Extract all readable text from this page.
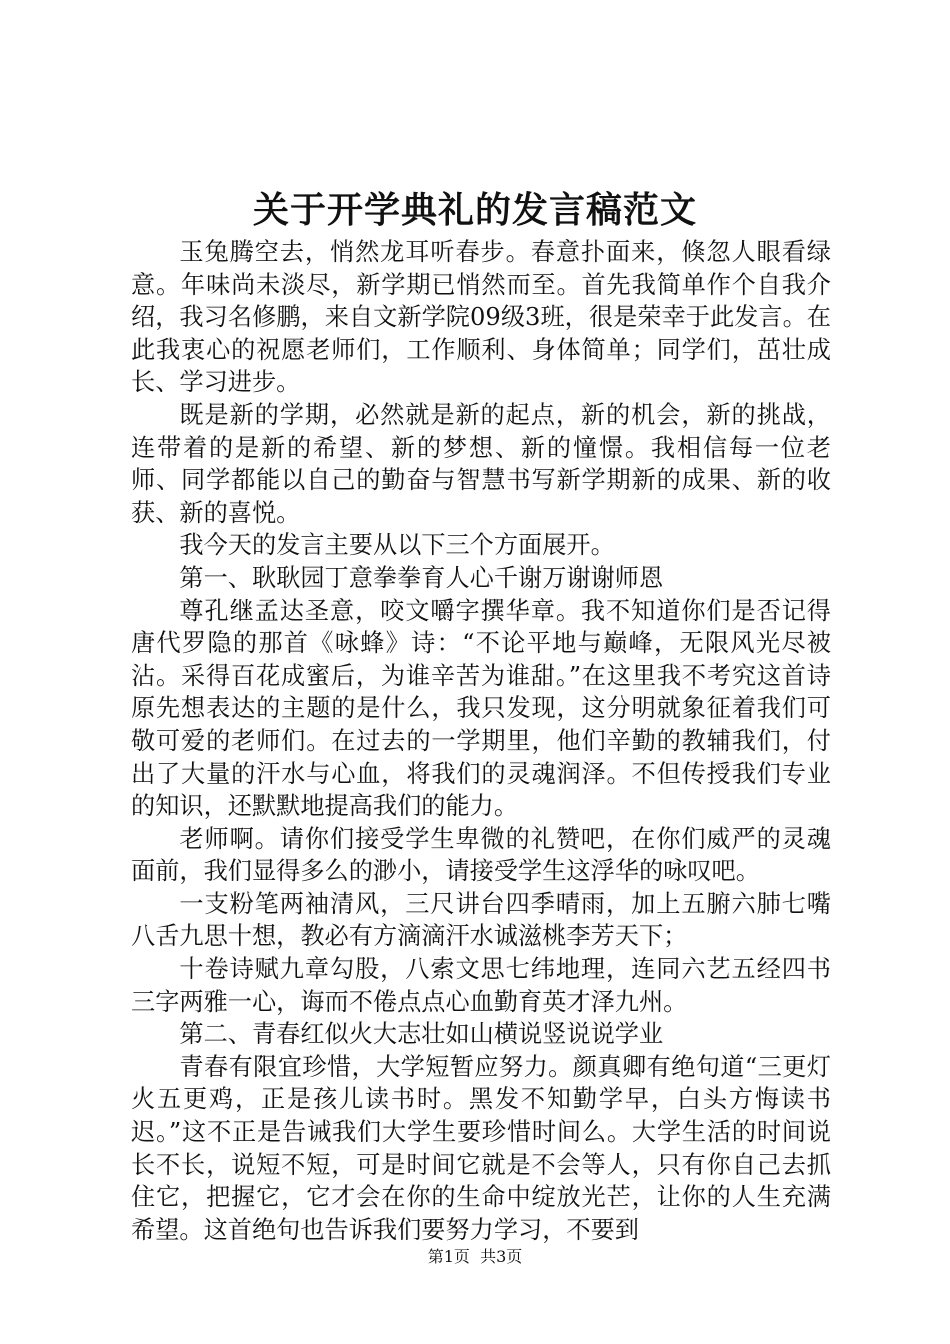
关于开学典礼的发言稿范文

玉兔腾空去，悄然龙耳听春步。春意扑面来，倏忽人眼看绿意。年味尚未淡尽，新学期已悄然而至。首先我简单作个自我介绍，我习名修鹏，来自文新学院09级3班，很是荣幸于此发言。在此我衷心的祝愿老师们，工作顺利、身体简单；同学们，茁壮成长、学习进步。

既是新的学期，必然就是新的起点，新的机会，新的挑战，连带着的是新的希望、新的梦想、新的憧憬。我相信每一位老师、同学都能以自己的勤奋与智慧书写新学期新的成果、新的收获、新的喜悦。

我今天的发言主要从以下三个方面展开。

第一、耿耿园丁意拳拳育人心千谢万谢谢师恩

尊孔继孟达圣意，咬文嚼字撰华章。我不知道你们是否记得唐代罗隐的那首《咏蜂》诗：“不论平地与巅峰，无限风光尽被沾。采得百花成蜜后，为谁辛苦为谁甜。”在这里我不考究这首诗原先想表达的主题的是什么，我只发现，这分明就象征着我们可敬可爱的老师们。在过去的一学期里，他们辛勤的教辅我们，付出了大量的汗水与心血，将我们的灵魂润泽。不但传授我们专业的知识，还默默地提高我们的能力。

老师啊。请你们接受学生卑微的礼赞吧，在你们威严的灵魂面前，我们显得多么的渺小，请接受学生这浮华的咏叹吧。

一支粉笔两袖清风，三尺讲台四季晴雨，加上五腑六肺七嘴八舌九思十想，教必有方滴滴汗水诚滋桃李芳天下；

十卷诗赋九章勾股，八索文思七纬地理，连同六艺五经四书三字两雅一心，诲而不倦点点心血勤育英才泽九州。

第二、青春红似火大志壮如山横说竖说说学业

青春有限宜珍惜，大学短暂应努力。颜真卿有绝句道“三更灯火五更鸡，正是孩儿读书时。黑发不知勤学早，白头方悔读书迟。”这不正是告诫我们大学生要珍惜时间么。大学生活的时间说长不长，说短不短，可是时间它就是不会等人，只有你自己去抓住它，把握它，它才会在你的生命中绽放光芒，让你的人生充满希望。这首绝句也告诉我们要努力学习，不要到

第1页 共3页
